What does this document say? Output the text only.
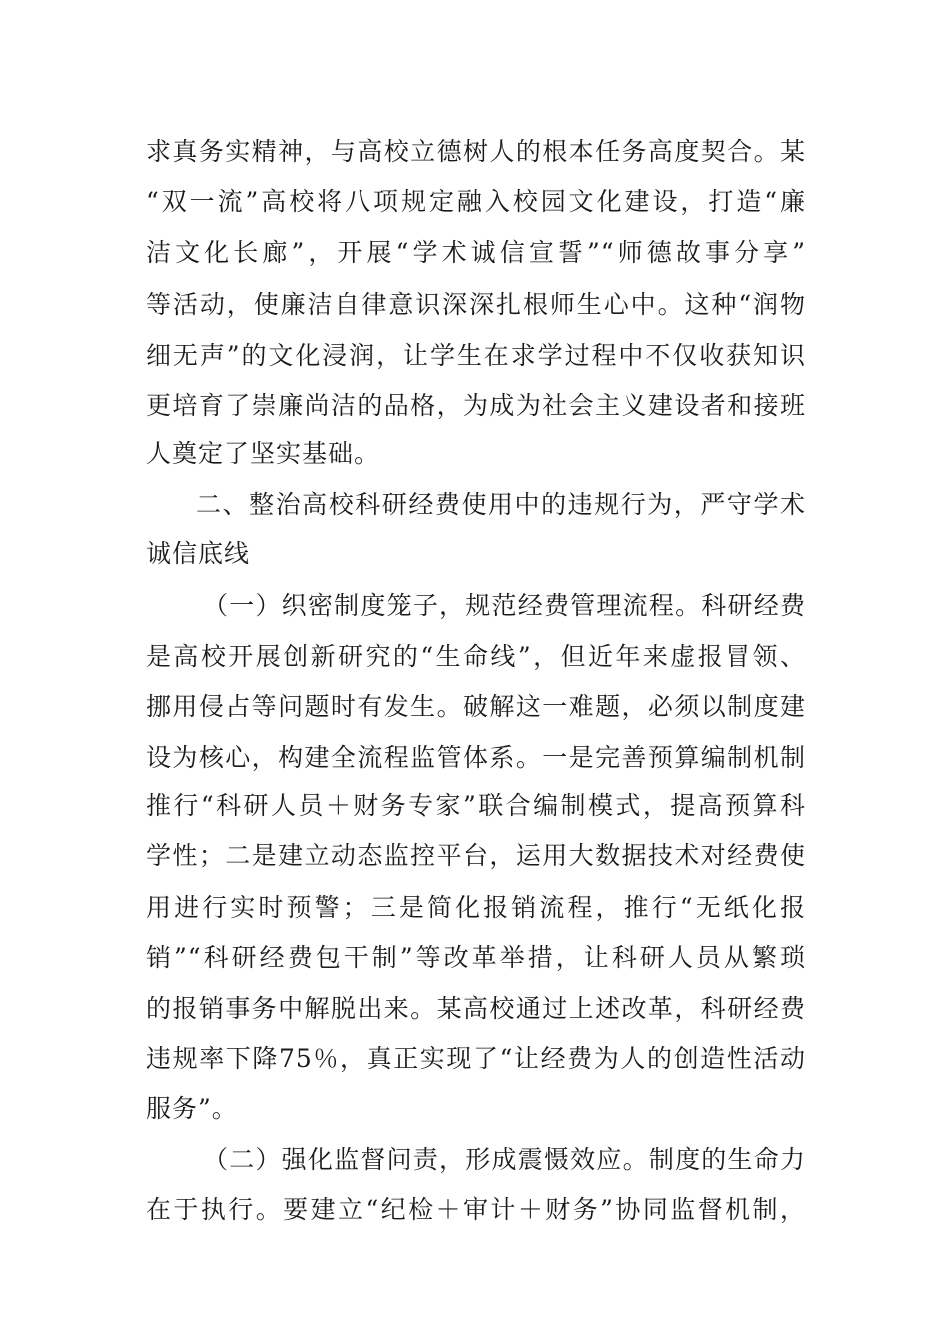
求真务实精神，与高校立德树人的根本任务高度契合。某
“双一流”高校将八项规定融入校园文化建设，打造“廉
洁文化长廊”，开展“学术诚信宣誓”“师德故事分享”
等活动，使廉洁自律意识深深扎根师生心中。这种“润物
细无声”的文化浸润，让学生在求学过程中不仅收获知识
更培育了崇廉尚洁的品格，为成为社会主义建设者和接班
人奠定了坚实基础。
二、整治高校科研经费使用中的违规行为，严守学术
诚信底线
（一）织密制度笼子，规范经费管理流程。科研经费
是高校开展创新研究的“生命线”，但近年来虚报冒领、
挪用侵占等问题时有发生。破解这一难题，必须以制度建
设为核心，构建全流程监管体系。一是完善预算编制机制
推行“科研人员＋财务专家”联合编制模式，提高预算科
学性；二是建立动态监控平台，运用大数据技术对经费使
用进行实时预警；三是简化报销流程，推行“无纸化报
销”“科研经费包干制”等改革举措，让科研人员从繁琐
的报销事务中解脱出来。某高校通过上述改革，科研经费
违规率下降75％，真正实现了“让经费为人的创造性活动
服务”。
（二）强化监督问责，形成震慑效应。制度的生命力
在于执行。要建立“纪检＋审计＋财务”协同监督机制，
